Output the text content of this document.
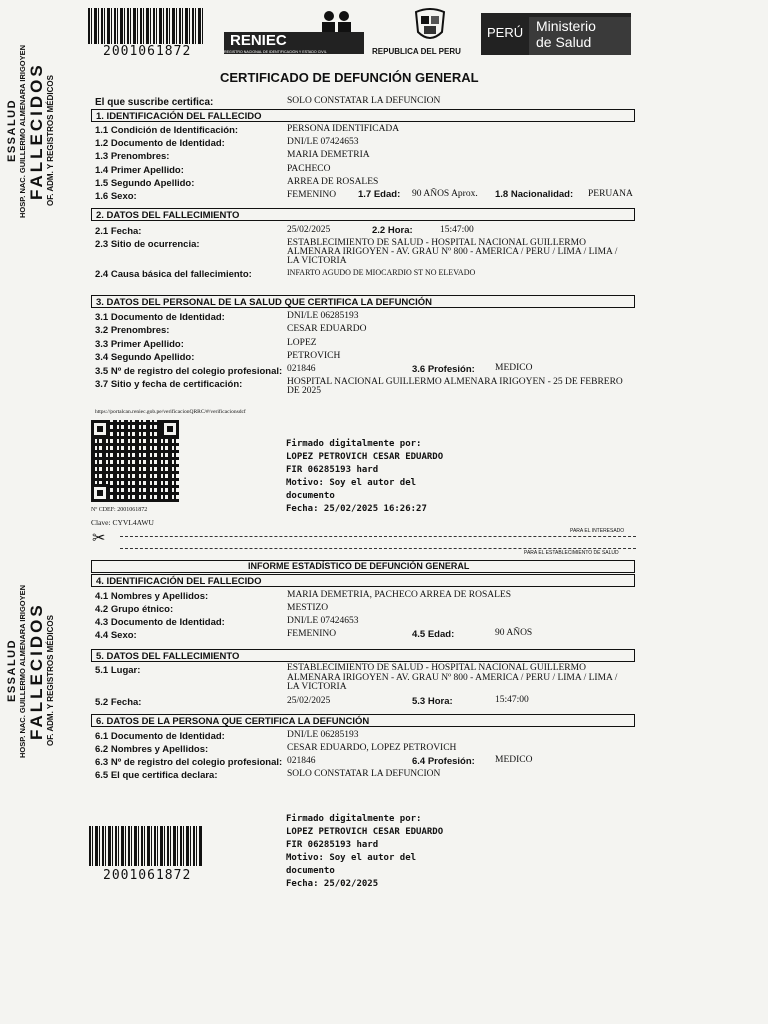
2001061872
RENIEC
REGISTRO NACIONAL DE IDENTIFICACIÓN Y ESTADO CIVIL	REPUBLICA DEL PERU
PERÚ Ministerio
de Salud
ESSALUD HOSP. NAC. GUILLERMO ALMENARA IRIGOYEN FALLECIDOS OF. ADM. Y REGISTROS MÉDICOS
ESSALUD HOSP. NAC. GUILLERMO ALMENARA IRIGOYEN FALLECIDOS OF. ADM. Y REGISTROS MÉDICOS
CERTIFICADO DE DEFUNCIÓN GENERAL
El que suscribe certifica:	SOLO CONSTATAR LA DEFUNCION
1. IDENTIFICACIÓN DEL FALLECIDO
1.1 Condición de Identificación:	PERSONA IDENTIFICADA
1.2 Documento de Identidad:	DNI/LE 07424653
1.3 Prenombres:	MARIA DEMETRIA
1.4 Primer Apellido:	PACHECO
1.5 Segundo Apellido:	ARREA DE ROSALES
1.6 Sexo:	FEMENINO 1.7 Edad: 90 AÑOS Aprox. 1.8 Nacionalidad: PERUANA
2. DATOS DEL FALLECIMIENTO
2.1 Fecha:	25/02/2025	2.2 Hora:	15:47:00
2.3 Sitio de ocurrencia:	ESTABLECIMIENTO DE SALUD - HOSPITAL NACIONAL GUILLERMO
ALMENARA IRIGOYEN - AV. GRAU Nº 800 - AMERICA / PERU / LIMA / LIMA /
LA VICTORIA
2.4 Causa básica del fallecimiento:	INFARTO AGUDO DE MIOCARDIO ST NO ELEVADO
3. DATOS DEL PERSONAL DE LA SALUD QUE CERTIFICA LA DEFUNCIÓN
3.1 Documento de Identidad:	DNI/LE 06285193
3.2 Prenombres:	CESAR EDUARDO
3.3 Primer Apellido:	LOPEZ
3.4 Segundo Apellido:	PETROVICH
3.5 Nº de registro del colegio profesional: 021846	3.6 Profesión: MEDICO
3.7 Sitio y fecha de certificación:	HOSPITAL NACIONAL GUILLERMO ALMENARA IRIGOYEN - 25 DE FEBRERO
DE 2025
https://portalcan.reniec.gob.pe/verificacionQRRC/#/verificacionsdcf
Nº CDEF: 2001061872
Clave: CYVL4AWU
Firmado digitalmente por:
LOPEZ PETROVICH CESAR EDUARDO
FIR 06285193 hard
Motivo: Soy el autor del
documento
Fecha: 25/02/2025 16:26:27
✂	PARA EL INTERESADO
PARA EL ESTABLECIMIENTO DE SALUD
INFORME ESTADÍSTICO DE DEFUNCIÓN GENERAL
4. IDENTIFICACIÓN DEL FALLECIDO
4.1 Nombres y Apellidos:	MARIA DEMETRIA, PACHECO ARREA DE ROSALES
4.2 Grupo étnico:	MESTIZO
4.3 Documento de Identidad:	DNI/LE 07424653
4.4 Sexo:	FEMENINO	4.5 Edad:	90 AÑOS
5. DATOS DEL FALLECIMIENTO
5.1 Lugar:	ESTABLECIMIENTO DE SALUD - HOSPITAL NACIONAL GUILLERMO
ALMENARA IRIGOYEN - AV. GRAU Nº 800 - AMERICA / PERU / LIMA / LIMA /
LA VICTORIA
5.2 Fecha:	25/02/2025	5.3 Hora:	15:47:00
6. DATOS DE LA PERSONA QUE CERTIFICA LA DEFUNCIÓN
6.1 Documento de Identidad:	DNI/LE 06285193
6.2 Nombres y Apellidos:	CESAR EDUARDO, LOPEZ PETROVICH
6.3 Nº de registro del colegio profesional: 021846	6.4 Profesión: MEDICO
6.5 El que certifica declara:	SOLO CONSTATAR LA DEFUNCION
2001061872
Firmado digitalmente por:
LOPEZ PETROVICH CESAR EDUARDO
FIR 06285193 hard
Motivo: Soy el autor del
documento
Fecha: 25/02/2025
